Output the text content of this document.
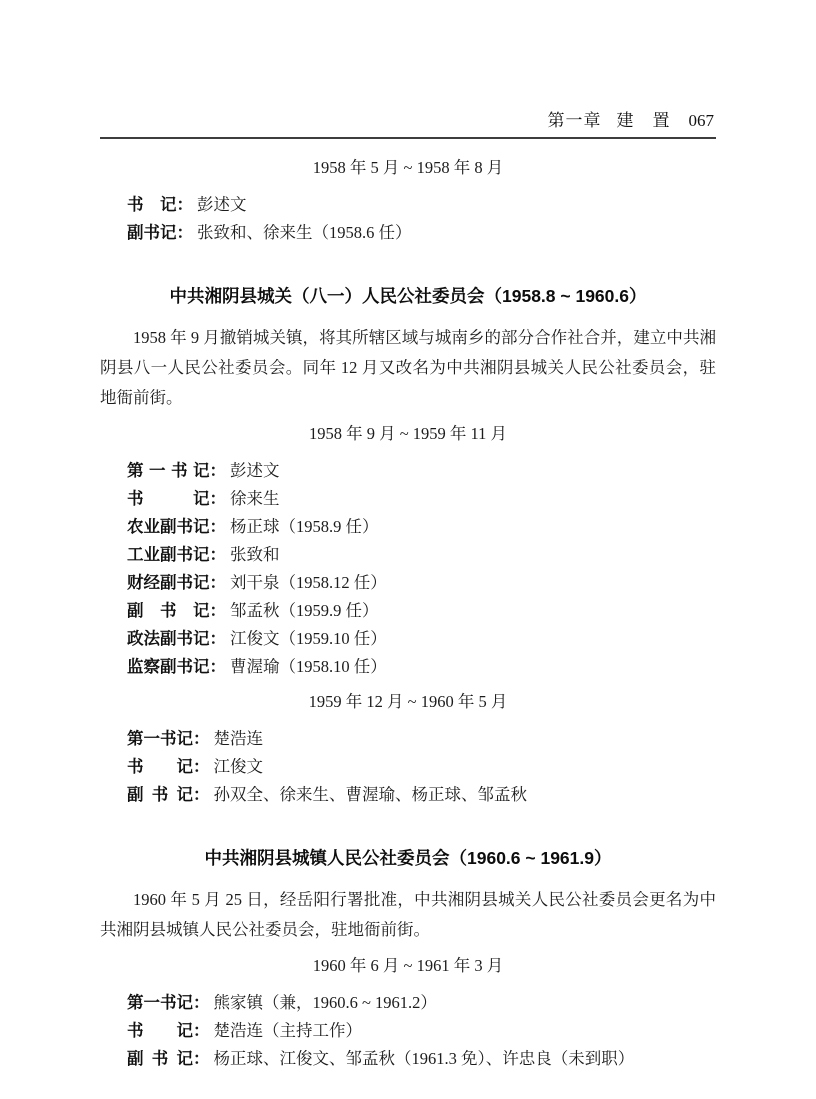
第一章 建　置 067

1958 年 5 月 ~ 1958 年 8 月

书记： 彭述文
副书记： 张致和、徐来生（1958.6 任）
中共湘阴县城关（八一）人民公社委员会（1958.8 ~ 1960.6）

1958 年 9 月撤销城关镇，将其所辖区域与城南乡的部分合作社合并，建立中共湘阴县八一人民公社委员会。同年 12 月又改名为中共湘阴县城关人民公社委员会，驻地衙前街。

1958 年 9 月 ~ 1959 年 11 月

第一书记： 彭述文
书记： 徐来生
农业副书记： 杨正球（1958.9 任）
工业副书记： 张致和
财经副书记： 刘干泉（1958.12 任）
副书记： 邹孟秋（1959.9 任）
政法副书记： 江俊文（1959.10 任）
监察副书记： 曹渥瑜（1958.10 任）

1959 年 12 月 ~ 1960 年 5 月

第一书记： 楚浩连
书记： 江俊文
副书记： 孙双全、徐来生、曹渥瑜、杨正球、邹孟秋
中共湘阴县城镇人民公社委员会（1960.6 ~ 1961.9）

1960 年 5 月 25 日，经岳阳行署批准，中共湘阴县城关人民公社委员会更名为中共湘阴县城镇人民公社委员会，驻地衙前街。

1960 年 6 月 ~ 1961 年 3 月

第一书记： 熊家镇（兼，1960.6 ~ 1961.2）
书记： 楚浩连（主持工作）
副书记： 杨正球、江俊文、邹孟秋（1961.3 免）、许忠良（未到职）
